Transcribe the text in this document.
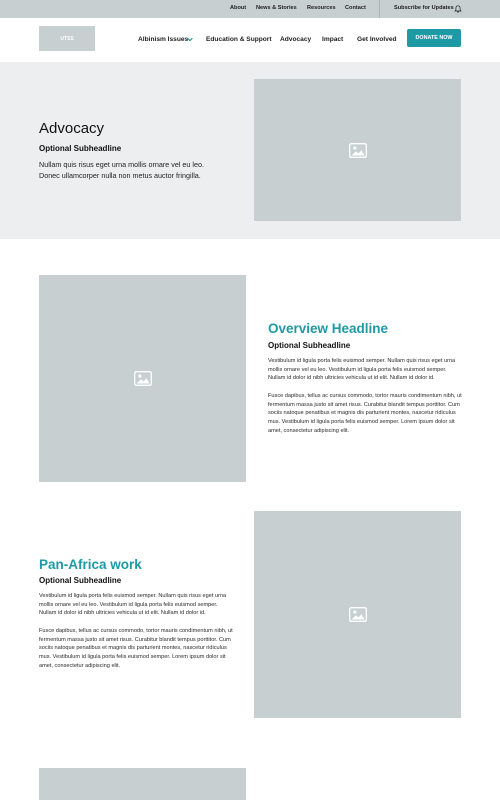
About News & Stories Resources Contact	Subscribe for Updates
UTSS	Albinism Issues	Education & Support Advocacy Impact Get Involved	DONATE NOW
Advocacy
Optional Subheadline
Nullam quis risus eget urna mollis ornare vel eu leo. Donec ullamcorper nulla non metus auctor fringilla.
Overview Headline
Optional Subheadline
Vestibulum id ligula porta felis euismod semper. Nullam quis risus eget urna mollis ornare vel eu leo. Vestibulum id ligula porta felis euismod semper. Nullam id dolor id nibh ultricies vehicula ut id elit. Nullam id dolor id.
Fusce dapibus, tellus ac cursus commodo, tortor mauris condimentum nibh, ut fermentum massa justo sit amet risus. Curabitur blandit tempus porttitor. Cum sociis natoque penatibus et magnis dis parturient montes, nascetur ridiculus mus. Vestibulum id ligula porta felis euismod semper. Lorem ipsum dolor sit amet, consectetur adipiscing elit.
Pan-Africa work
Optional Subheadline
Vestibulum id ligula porta felis euismod semper. Nullam quis risus eget urna mollis ornare vel eu leo. Vestibulum id ligula porta felis euismod semper. Nullam id dolor id nibh ultricies vehicula ut id elit. Nullam id dolor id.
Fusce dapibus, tellus ac cursus commodo, tortor mauris condimentum nibh, ut fermentum massa justo sit amet risus. Curabitur blandit tempus porttitor. Cum sociis natoque penatibus et magnis dis parturient montes, nascetur ridiculus mus. Vestibulum id ligula porta felis euismod semper. Lorem ipsum dolor sit amet, consectetur adipiscing elit.
